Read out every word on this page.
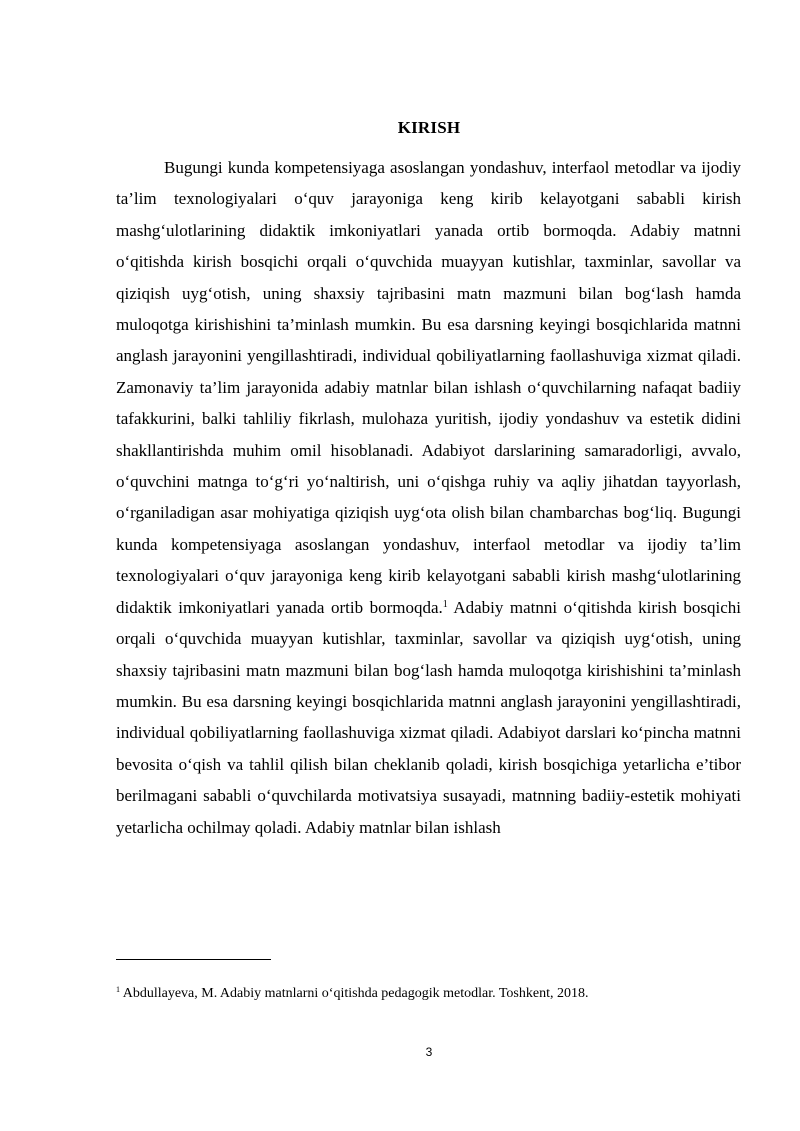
KIRISH

Bugungi kunda kompetensiyaga asoslangan yondashuv, interfaol metodlar va ijodiy ta’lim texnologiyalari o‘quv jarayoniga keng kirib kelayotgani sababli kirish mashg‘ulotlarining didaktik imkoniyatlari yanada ortib bormoqda. Adabiy matnni o‘qitishda kirish bosqichi orqali o‘quvchida muayyan kutishlar, taxminlar, savollar va qiziqish uyg‘otish, uning shaxsiy tajribasini matn mazmuni bilan bog‘lash hamda muloqotga kirishishini ta’minlash mumkin. Bu esa darsning keyingi bosqichlarida matnni anglash jarayonini yengillashtiradi, individual qobiliyatlarning faollashuviga xizmat qiladi. Zamonaviy ta’lim jarayonida adabiy matnlar bilan ishlash o‘quvchilarning nafaqat badiiy tafakkurini, balki tahliliy fikrlash, mulohaza yuritish, ijodiy yondashuv va estetik didini shakllantirishda muhim omil hisoblanadi. Adabiyot darslarining samaradorligi, avvalo, o‘quvchini matnga to‘g‘ri yo‘naltirish, uni o‘qishga ruhiy va aqliy jihatdan tayyorlash, o‘rganiladigan asar mohiyatiga qiziqish uyg‘ota olish bilan chambarchas bog‘liq. Bugungi kunda kompetensiyaga asoslangan yondashuv, interfaol metodlar va ijodiy ta’lim texnologiyalari o‘quv jarayoniga keng kirib kelayotgani sababli kirish mashg‘ulotlarining didaktik imkoniyatlari yanada ortib bormoqda.$^1$ Adabiy matnni o‘qitishda kirish bosqichi orqali o‘quvchida muayyan kutishlar, taxminlar, savollar va qiziqish uyg‘otish, uning shaxsiy tajribasini matn mazmuni bilan bog‘lash hamda muloqotga kirishishini ta’minlash mumkin. Bu esa darsning keyingi bosqichlarida matnni anglash jarayonini yengillashtiradi, individual qobiliyatlarning faollashuviga xizmat qiladi. Adabiyot darslari ko‘pincha matnni bevosita o‘qish va tahlil qilish bilan cheklanib qoladi, kirish bosqichiga yetarlicha e’tibor berilmagani sababli o‘quvchilarda motivatsiya susayadi, matnning badiiy-estetik mohiyati yetarlicha ochilmay qoladi. Adabiy matnlar bilan ishlash

$^1$ Abdullayeva, M. Adabiy matnlarni o‘qitishda pedagogik metodlar. Toshkent, 2018.

3
